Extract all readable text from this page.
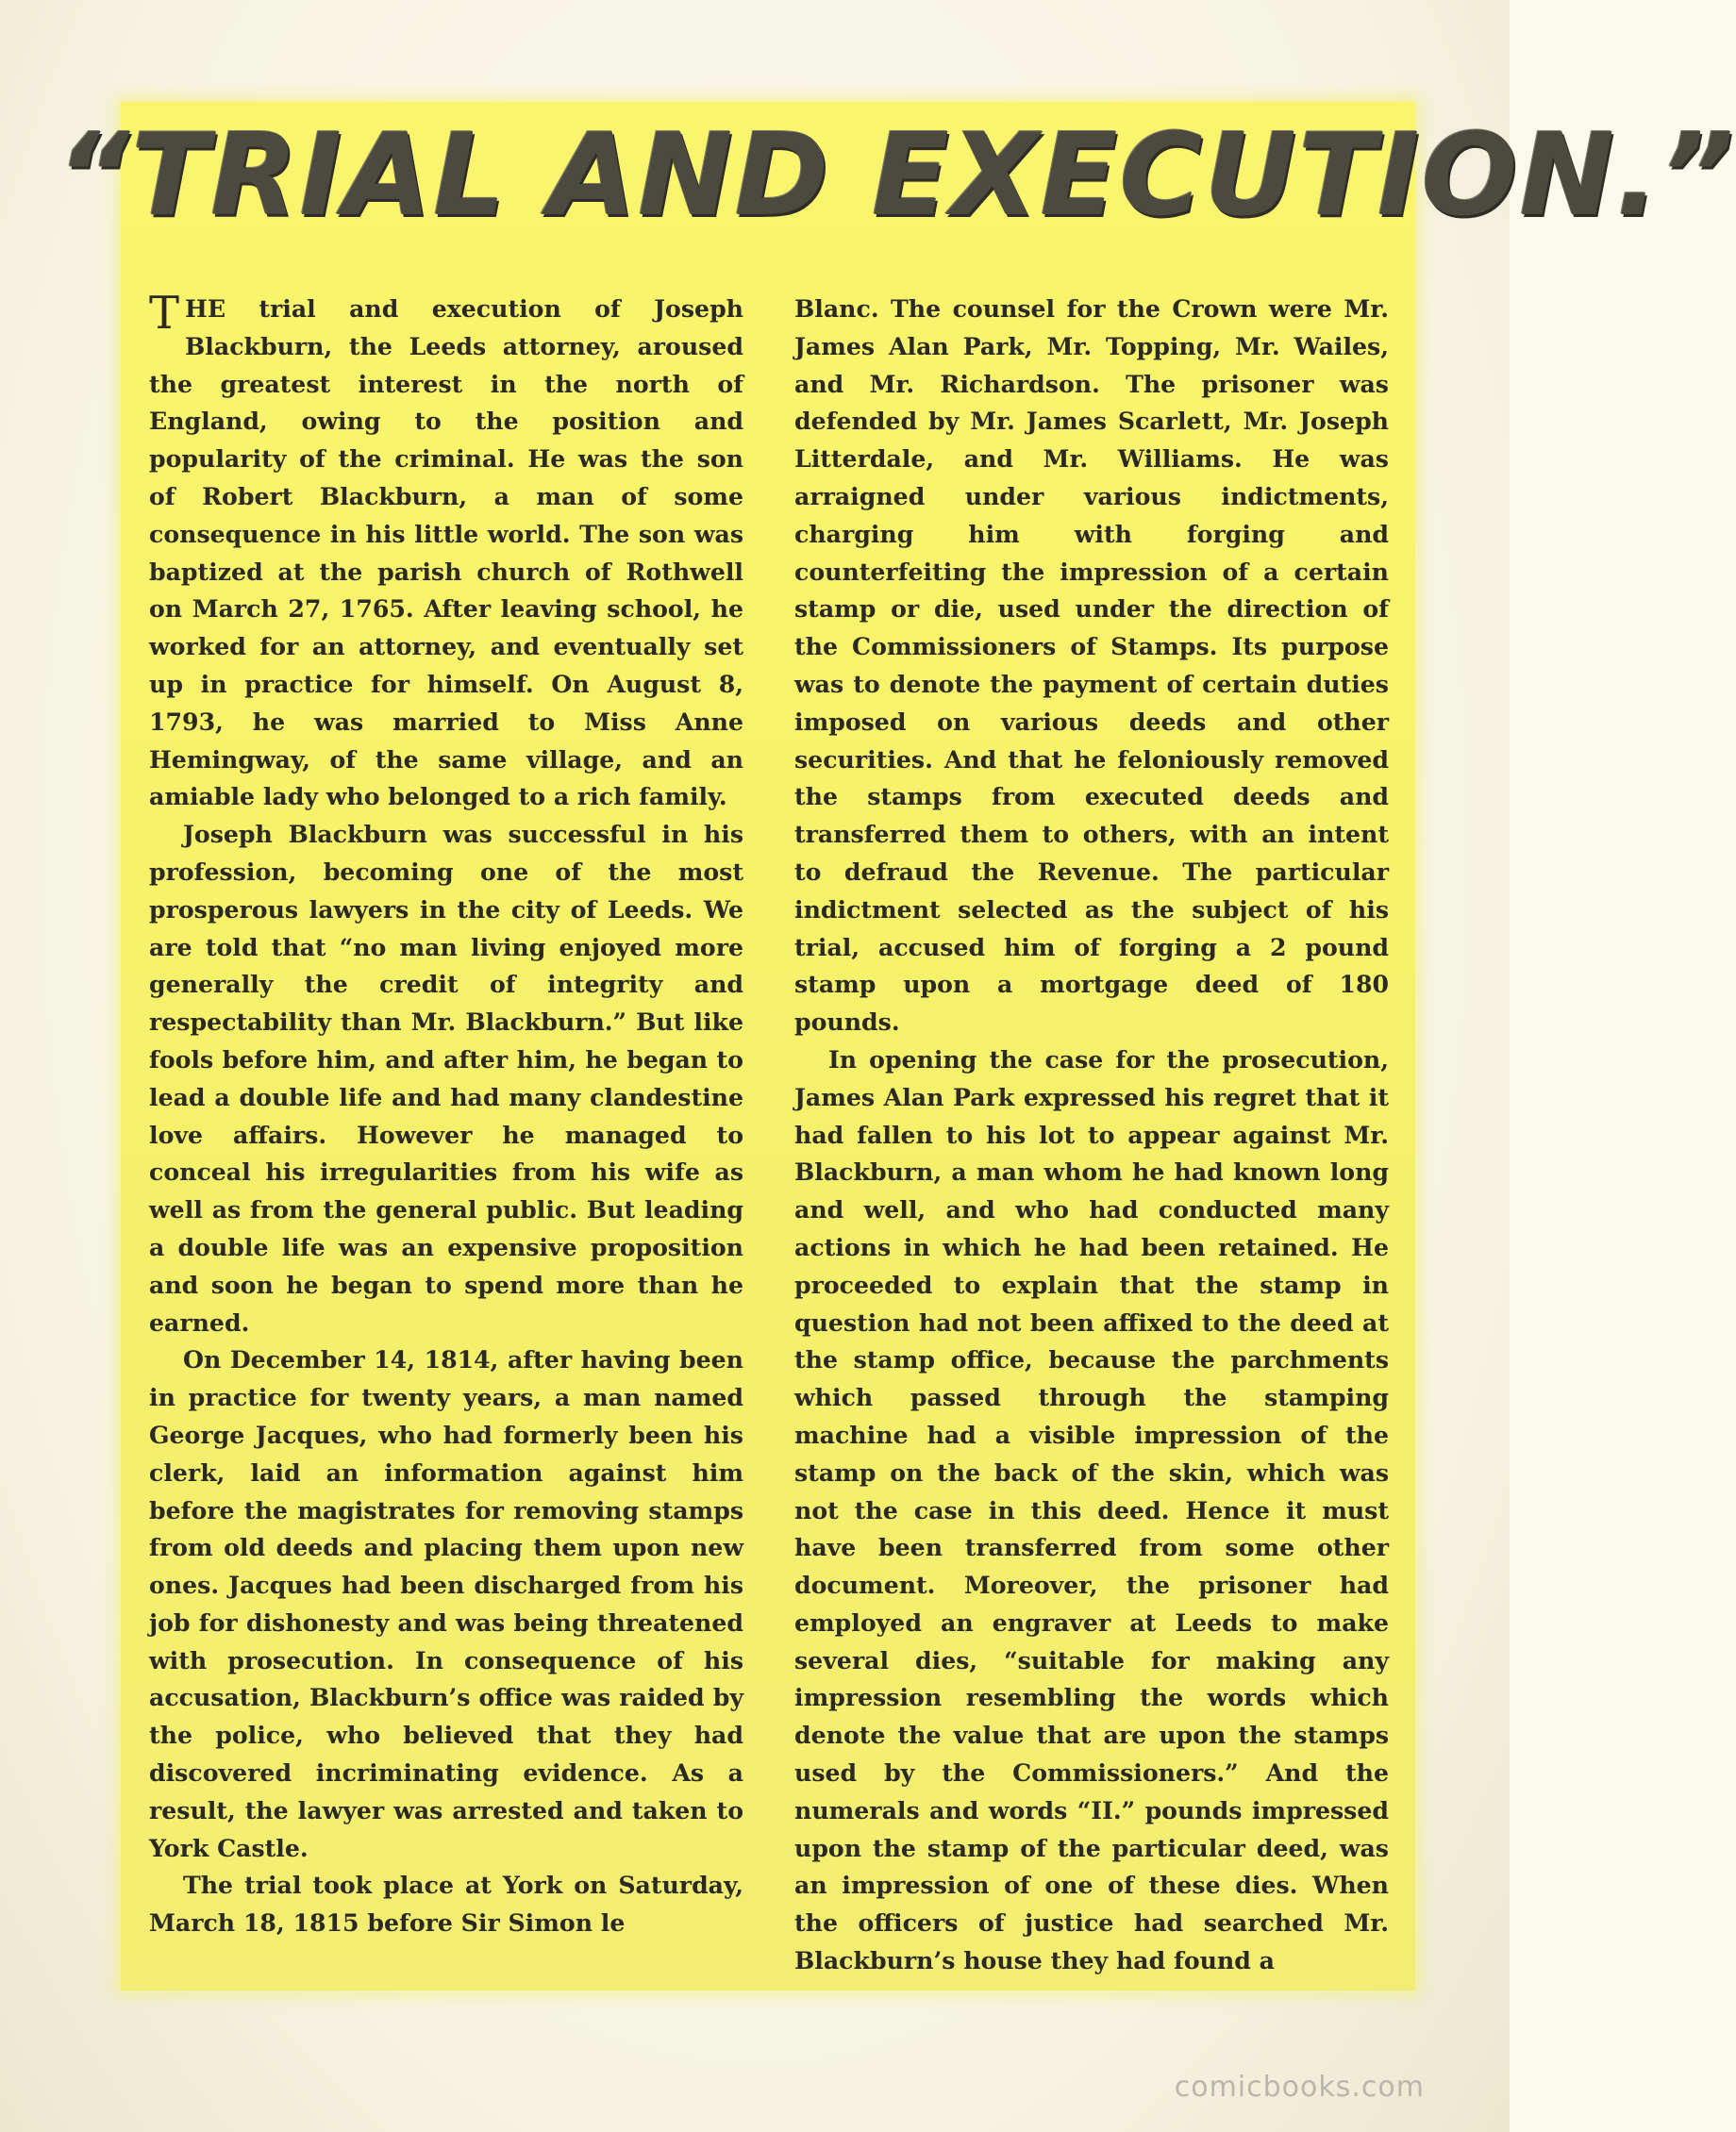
“TRIAL AND EXECUTION.”

THE trial and execution of Joseph Blackburn, the Leeds attorney, aroused the greatest interest in the north of England, owing to the position and popularity of the criminal. He was the son of Robert Blackburn, a man of some consequence in his little world. The son was baptized at the parish church of Rothwell on March 27, 1765. After leaving school, he worked for an attorney, and eventually set up in practice for himself. On August 8, 1793, he was married to Miss Anne Hemingway, of the same village, and an amiable lady who belonged to a rich family.

Joseph Blackburn was successful in his profession, becoming one of the most prosperous lawyers in the city of Leeds. We are told that “no man living enjoyed more generally the credit of integrity and respectability than Mr. Blackburn.” But like fools before him, and after him, he began to lead a double life and had many clandestine love affairs. However he managed to conceal his irregularities from his wife as well as from the general public. But leading a double life was an expensive proposition and soon he began to spend more than he earned.

On December 14, 1814, after having been in practice for twenty years, a man named George Jacques, who had formerly been his clerk, laid an information against him before the magistrates for removing stamps from old deeds and placing them upon new ones. Jacques had been discharged from his job for dishonesty and was being threatened with prosecution. In consequence of his accusation, Blackburn’s office was raided by the police, who believed that they had discovered incriminating evidence. As a result, the lawyer was arrested and taken to York Castle.

The trial took place at York on Saturday, March 18, 1815 before Sir Simon le

Blanc. The counsel for the Crown were Mr. James Alan Park, Mr. Topping, Mr. Wailes, and Mr. Richardson. The prisoner was defended by Mr. James Scarlett, Mr. Joseph Litterdale, and Mr. Williams. He was arraigned under various indictments, charging him with forging and counterfeiting the impression of a certain stamp or die, used under the direction of the Commissioners of Stamps. Its purpose was to denote the payment of certain duties imposed on various deeds and other securities. And that he feloniously removed the stamps from executed deeds and transferred them to others, with an intent to defraud the Revenue. The particular indictment selected as the subject of his trial, accused him of forging a 2 pound stamp upon a mortgage deed of 180 pounds.

In opening the case for the prosecution, James Alan Park expressed his regret that it had fallen to his lot to appear against Mr. Blackburn, a man whom he had known long and well, and who had conducted many actions in which he had been retained. He proceeded to explain that the stamp in question had not been affixed to the deed at the stamp office, because the parchments which passed through the stamping machine had a visible impression of the stamp on the back of the skin, which was not the case in this deed. Hence it must have been transferred from some other document. Moreover, the prisoner had employed an engraver at Leeds to make several dies, “suitable for making any impression resembling the words which denote the value that are upon the stamps used by the Commissioners.” And the numerals and words “II.” pounds impressed upon the stamp of the particular deed, was an impression of one of these dies. When the officers of justice had searched Mr. Blackburn’s house they had found a

comicbooks.com
